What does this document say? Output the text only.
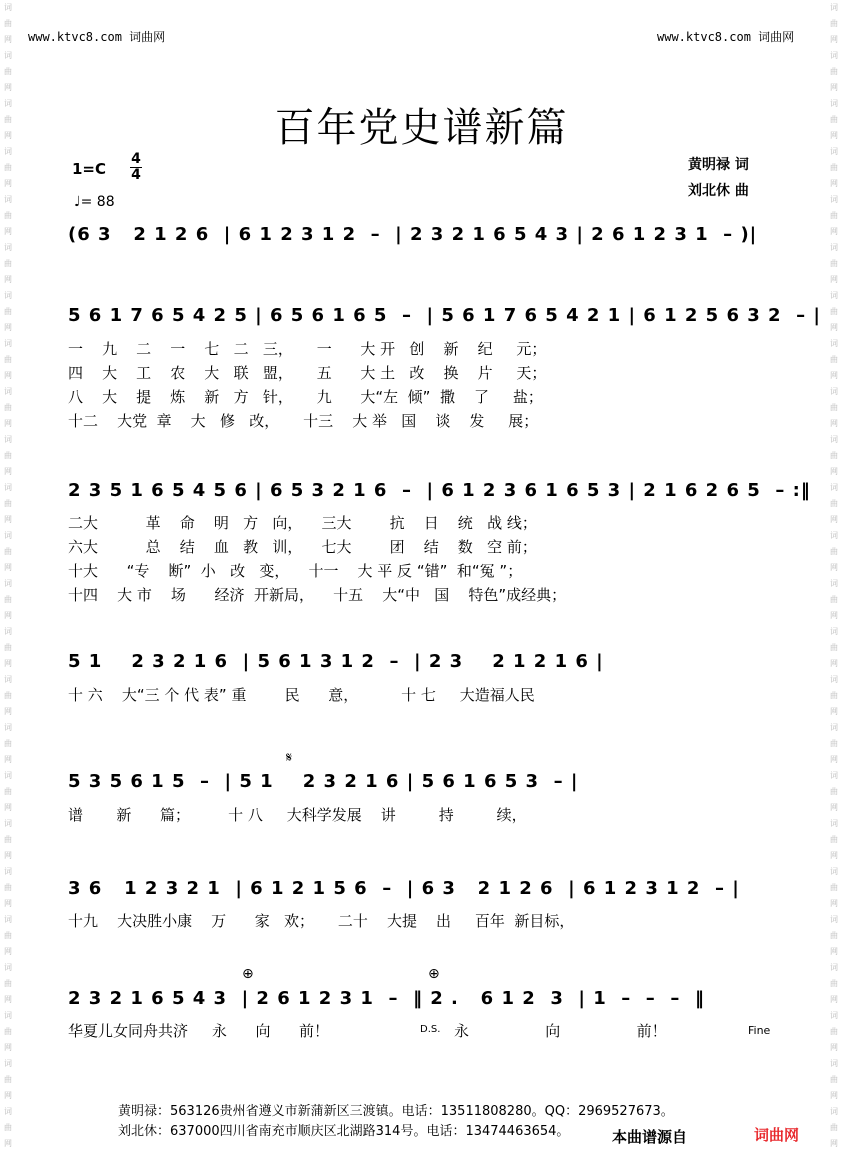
www.ktvc8.com 词曲网	www.ktvc8.com 词曲网
词
曲
网
词
曲
网
词
曲
网
词
曲
网
词
曲
网
词
曲
网
词
曲
网
词
曲
网
词
曲
网
词
曲
网
词
曲
网
词
曲
网
词
曲
网
词
曲
网
词
曲
网
词
曲
网
词
曲
网
词
曲
网
词
曲
网
词
曲
网
词
曲
网
词
曲
网
词
曲
网
词
曲
网
词
曲
网
词
曲
网
词
曲
网
词
曲
网
词
曲
网
词
曲
网
词
曲
网
词
曲
网
词
曲
网
词
曲
网
词
曲
网
词
曲
网
词
曲
网
词
曲
网
词
曲
网
词
曲
网
词
曲
网
词
曲
网
词
曲
网
词
曲
网
词
曲
网
词
曲
网
词
曲
网
词
曲
网
百年党史谱新篇
$1=C \frac{4}{4}$
♩= 88
黄明禄 词
刘北休 曲
(6 3   2 1 2 6  | 6 1 2 3 1 2  –  | 2 3 2 1 6 5 4 3 | 2 6 1 2 3 1  – )|
5 6 1 7 6 5 4 2 5 | 6 5 6 1 6 5  –  | 5 6 1 7 6 5 4 2 1 | 6 1 2 5 6 3 2  – |
一    九    二    一    七   二   三，     一      大 开   创    新    纪     元；
四    大    工    农    大   联   盟，     五      大 土   改    换    片     天；
八    大    提    炼    新   方   针，     九      大“左  倾”  撒    了     盐；
十二    大党  章    大   修   改，     十三    大 举   国    谈    发     展；
2 3 5 1 6 5 4 5 6 | 6 5 3 2 1 6  –  | 6 1 2 3 6 1 6 5 3 | 2 1 6 2 6 5  – :‖
二大          革    命    明   方   向，    三大        抗    日    统   战 线；
六大          总    结    血   教   训，    七大        团    结    数   空 前；
十大      “专    断”  小   改   变，    十一    大 平 反 “错”  和“冤 ”；
十四    大 市    场      经济  开新局，    十五    大“中   国    特色”成经典；
5 1    2 3 2 1 6  | 5 6 1 3 1 2  –  | 2 3    2 1 2 1 6 |
十 六    大“三 个 代 表” 重        民      意，         十 七     大造福人民
𝄋
5 3 5 6 1 5  –  | 5 1    2 3 2 1 6 | 5 6 1 6 5 3  – |
谱       新      篇；        十 八     大科学发展    讲         持         续，
3 6   1 2 3 2 1  | 6 1 2 1 5 6  –  | 6 3   2 1 2 6  | 6 1 2 3 1 2  – |
十九    大决胜小康    万      家   欢；     二十    大提    出     百年  新目标，
⊕	⊕
2 3 2 1 6 5 4 3  | 2 6 1 2 3 1  –  ‖ 2 .   6 1 2  3  | 1  –  –  –  ‖
华夏儿女同舟共济     永      向      前！	D.S. 永                向                前！	Fine
黄明禄：563126贵州省遵义市新蒲新区三渡镇。电话：13511808280。QQ：2969527673。
刘北休：637000四川省南充市顺庆区北湖路314号。电话：13474463654。	本曲谱源自	词曲网
